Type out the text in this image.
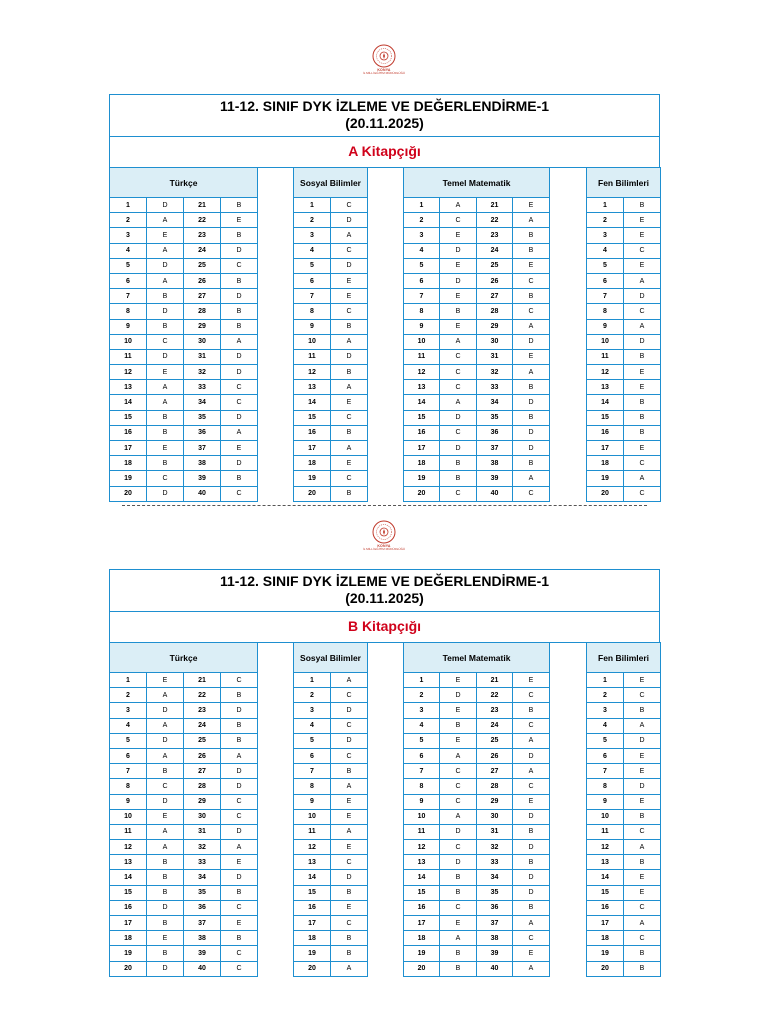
KONYA
İL MİLLİ EĞİTİM MÜDÜRLÜĞÜ
11-12. SINIF DYK İZLEME VE DEĞERLENDİRME-1
(20.11.2025)
A Kitapçığı
Türkçe			
1	D	21	B
2	A	22	E
3	E	23	B
4	A	24	D
5	D	25	C
6	A	26	B
7	B	27	D
8	D	28	B
9	B	29	B
10	C	30	A
11	D	31	D
12	E	32	D
13	A	33	C
14	A	34	C
15	B	35	D
16	B	36	A
17	E	37	E
18	B	38	D
19	C	39	B
20	D	40	C
Sosyal Bilimler	
1	C
2	D
3	A
4	C
5	D
6	E
7	E
8	C
9	B
10	A
11	D
12	B
13	A
14	E
15	C
16	B
17	A
18	E
19	C
20	B
Temel Matematik			
1	A	21	E
2	C	22	A
3	E	23	B
4	D	24	B
5	E	25	E
6	D	26	C
7	E	27	B
8	B	28	C
9	E	29	A
10	A	30	D
11	C	31	E
12	C	32	A
13	C	33	B
14	A	34	D
15	D	35	B
16	C	36	D
17	D	37	D
18	B	38	B
19	B	39	A
20	C	40	C
Fen Bilimleri	
1	B
2	E
3	E
4	C
5	E
6	A
7	D
8	C
9	A
10	D
11	B
12	E
13	E
14	B
15	B
16	B
17	E
18	C
19	A
20	C
KONYA
İL MİLLİ EĞİTİM MÜDÜRLÜĞÜ
11-12. SINIF DYK İZLEME VE DEĞERLENDİRME-1
(20.11.2025)
B Kitapçığı
Türkçe			
1	E	21	C
2	A	22	B
3	D	23	D
4	A	24	B
5	D	25	B
6	A	26	A
7	B	27	D
8	C	28	D
9	D	29	C
10	E	30	C
11	A	31	D
12	A	32	A
13	B	33	E
14	B	34	D
15	B	35	B
16	D	36	C
17	B	37	E
18	E	38	B
19	B	39	C
20	D	40	C
Sosyal Bilimler	
1	A
2	C
3	D
4	C
5	D
6	C
7	B
8	A
9	E
10	E
11	A
12	E
13	C
14	D
15	B
16	E
17	C
18	B
19	B
20	A
Temel Matematik			
1	E	21	E
2	D	22	C
3	E	23	B
4	B	24	C
5	E	25	A
6	A	26	D
7	C	27	A
8	C	28	C
9	C	29	E
10	A	30	D
11	D	31	B
12	C	32	D
13	D	33	B
14	B	34	D
15	B	35	D
16	C	36	B
17	E	37	A
18	A	38	C
19	B	39	E
20	B	40	A
Fen Bilimleri	
1	E
2	C
3	B
4	A
5	D
6	E
7	E
8	D
9	E
10	B
11	C
12	A
13	B
14	E
15	E
16	C
17	A
18	C
19	B
20	B
